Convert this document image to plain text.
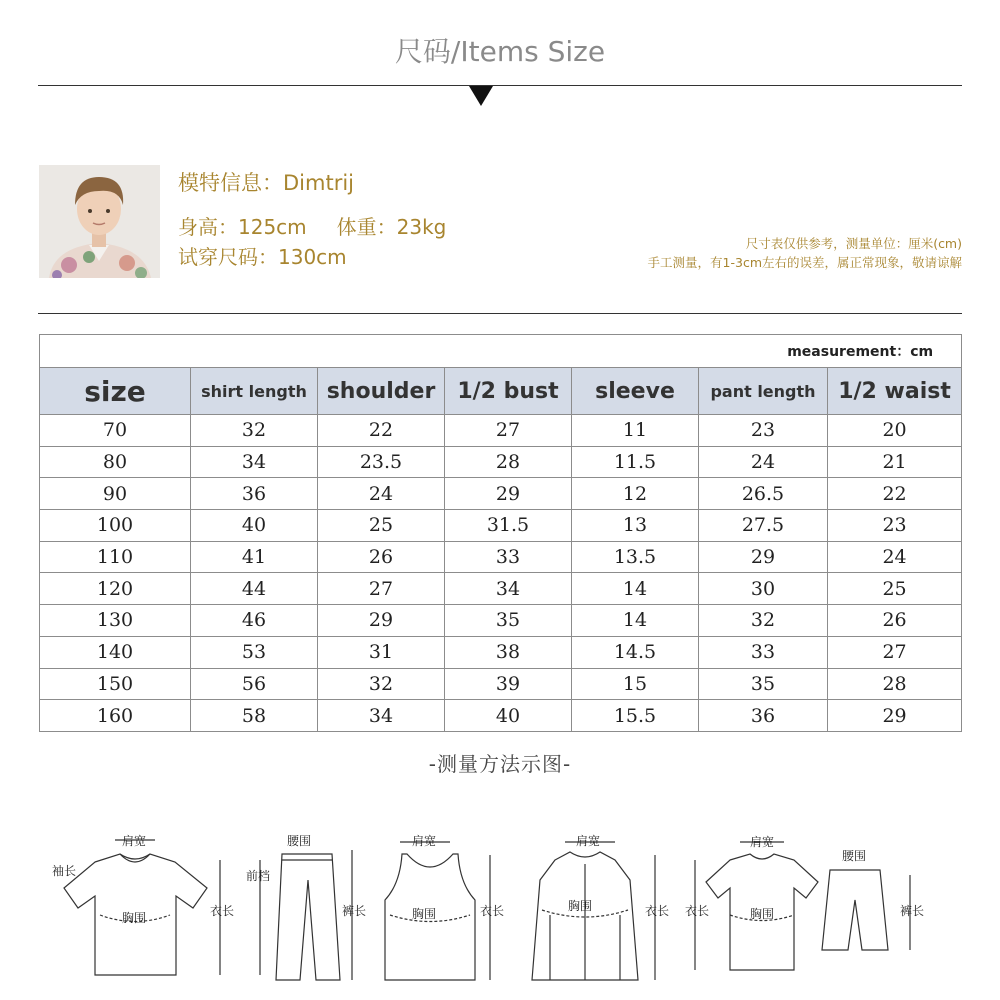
尺码/Items Size
模特信息：Dimtrij
身高：125cm 体重：23kg
试穿尺码：130cm
尺寸表仅供参考，测量单位：厘米(cm)
手工测量，有1-3cm左右的误差，属正常现象，敬请谅解
measurement：cm						
size	shirt length	shoulder	1/2 bust	sleeve	pant length	1/2 waist
70	32	22	27	11	23	20
80	34	23.5	28	11.5	24	21
90	36	24	29	12	26.5	22
100	40	25	31.5	13	27.5	23
110	41	26	33	13.5	29	24
120	44	27	34	14	30	25
130	46	29	35	14	32	26
140	53	31	38	14.5	33	27
150	56	32	39	15	35	28
160	58	34	40	15.5	36	29
-测量方法示图-
肩宽
袖长
胸围	衣长
腰围
前档
裤长
肩宽
胸围	衣长
肩宽
胸围	衣长 衣长
肩宽
胸围
腰围
裤长
